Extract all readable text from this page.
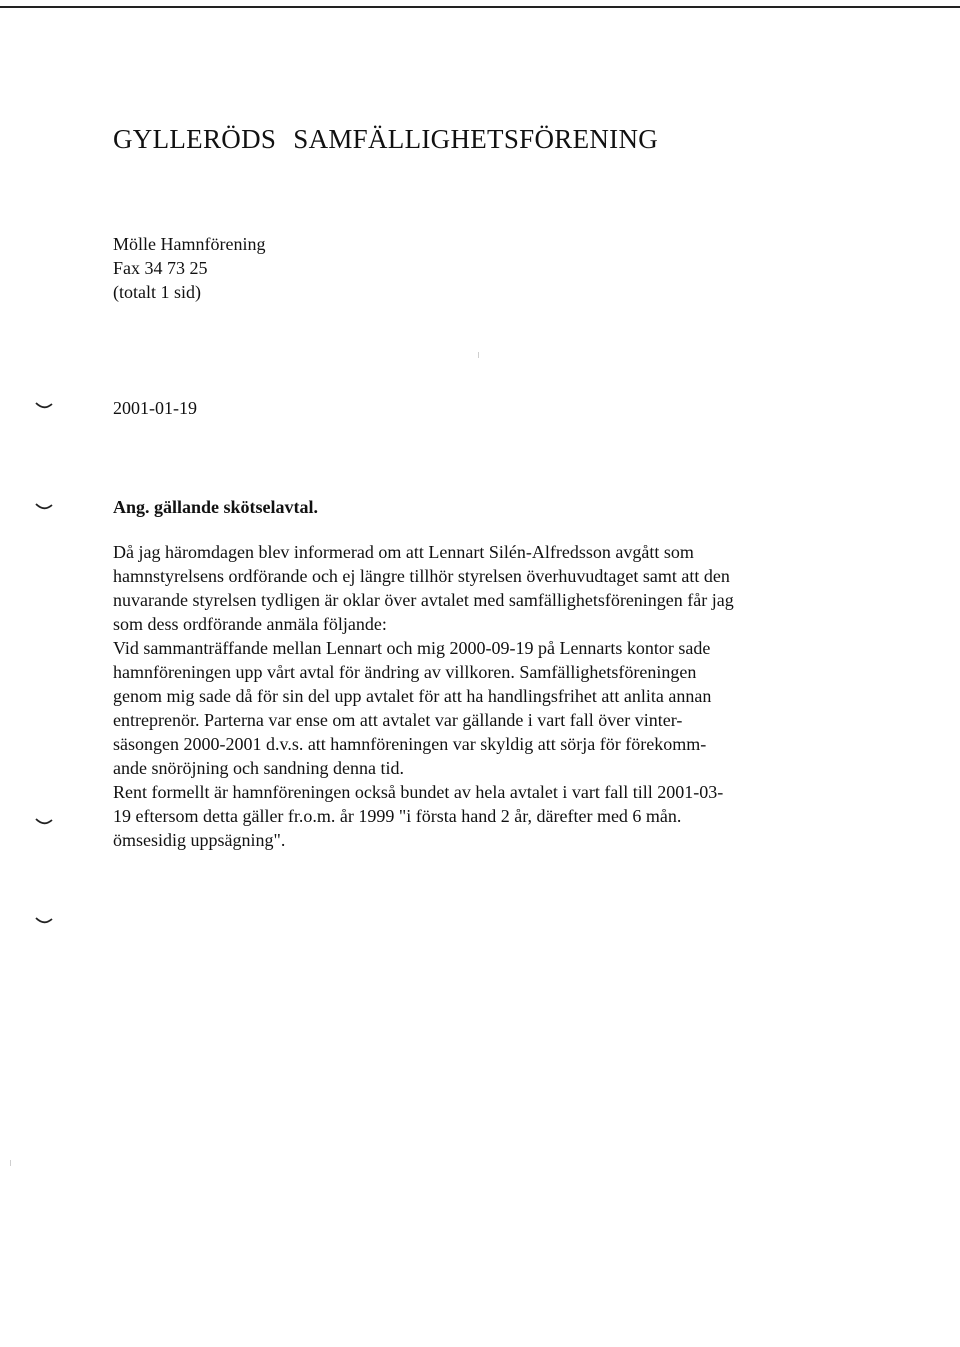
GYLLERÖDS SAMFÄLLIGHETSFÖRENING
Mölle Hamnförening
Fax 34 73 25
(totalt 1 sid)
2001-01-19
Ang. gällande skötselavtal.
Då jag häromdagen blev informerad om att Lennart Silén-Alfredsson avgått som
hamnstyrelsens ordförande och ej längre tillhör styrelsen överhuvudtaget samt att den
nuvarande styrelsen tydligen är oklar över avtalet med samfällighetsföreningen får jag
som dess ordförande anmäla följande:
Vid sammanträffande mellan Lennart och mig 2000-09-19 på Lennarts kontor sade
hamnföreningen upp vårt avtal för ändring av villkoren. Samfällighetsföreningen
genom mig sade då för sin del upp avtalet för att ha handlingsfrihet att anlita annan
entreprenör. Parterna var ense om att avtalet var gällande i vart fall över vinter-
säsongen 2000-2001 d.v.s. att hamnföreningen var skyldig att sörja för förekomm-
ande snöröjning och sandning denna tid.
Rent formellt är hamnföreningen också bundet av hela avtalet i vart fall till 2001-03-
19 eftersom detta gäller fr.o.m. år 1999 "i första hand 2 år, därefter med 6 mån.
ömsesidig uppsägning".
